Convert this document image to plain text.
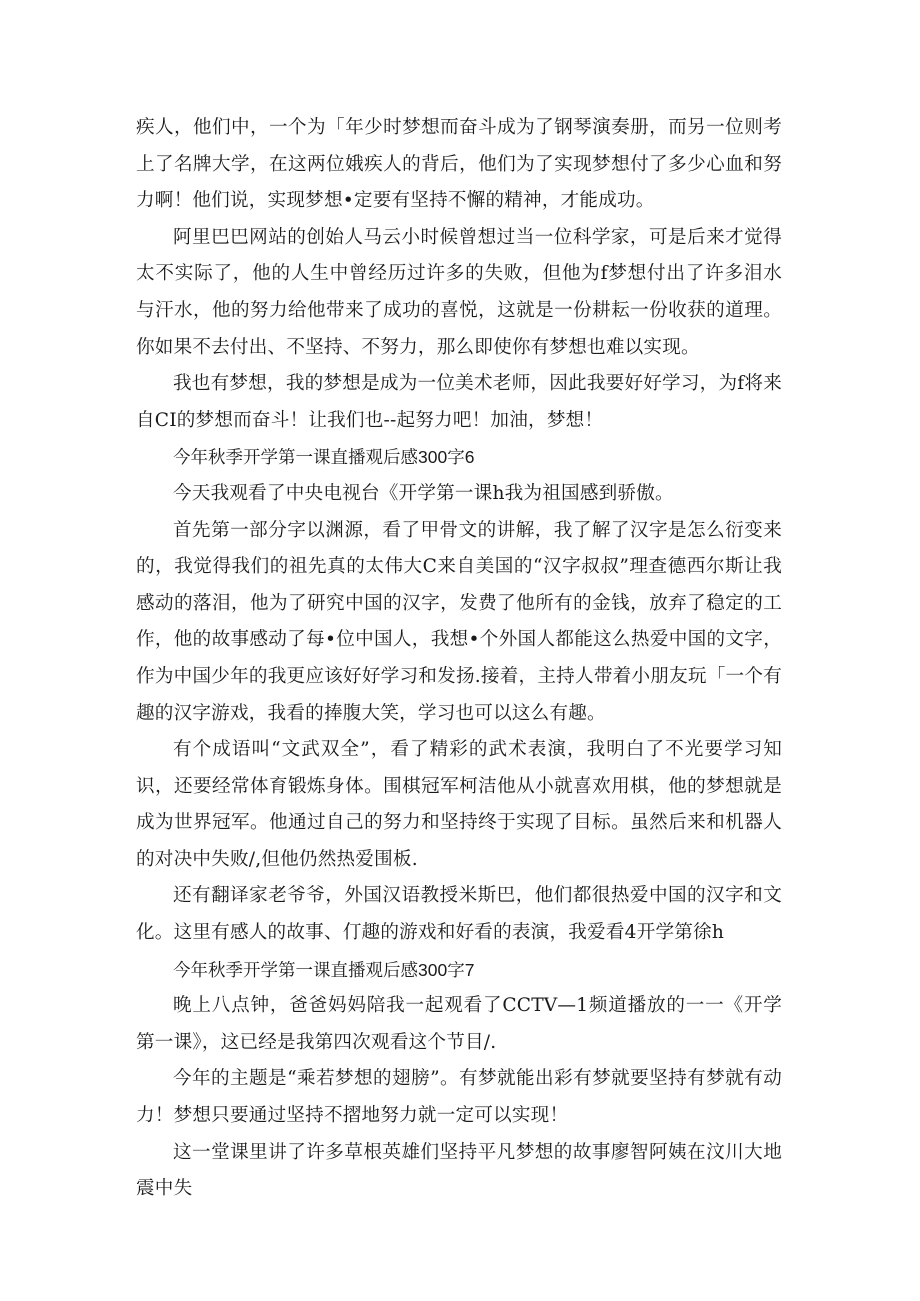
疾人，他们中，一个为「年少时梦想而奋斗成为了钢琴演奏册，而另一位则考上了名牌大学，在这两位娥疾人的背后，他们为了实现梦想付了多少心血和努力啊！他们说，实现梦想•定要有坚持不懈的精神，才能成功。

阿里巴巴网站的创始人马云小时候曾想过当一位科学家，可是后来才觉得太不实际了，他的人生中曾经历过许多的失败，但他为f梦想付出了许多泪水与汗水，他的努力给他带来了成功的喜悦，这就是一份耕耘一份收获的道理。你如果不去付出、不坚持、不努力，那么即使你有梦想也难以实现。

我也有梦想，我的梦想是成为一位美术老师，因此我要好好学习，为f将来自CI的梦想而奋斗！让我们也--起努力吧！加油，梦想！

今年秋季开学第一课直播观后感300字6

今天我观看了中央电视台《开学第一课h我为祖国感到骄傲。

首先第一部分字以渊源，看了甲骨文的讲解，我了解了汉字是怎么衍变来的，我觉得我们的祖先真的太伟大C来自美国的“汉字叔叔”理查德西尔斯让我感动的落泪，他为了研究中国的汉字，发费了他所有的金钱，放弃了稳定的工作，他的故事感动了每•位中国人，我想•个外国人都能这么热爱中国的文字，作为中国少年的我更应该好好学习和发扬.接着，主持人带着小朋友玩「一个有趣的汉字游戏，我看的捧腹大笑，学习也可以这么有趣。

有个成语叫“文武双全”，看了精彩的武术表演，我明白了不光要学习知识，还要经常体育锻炼身体。围棋冠军柯洁他从小就喜欢用棋，他的梦想就是成为世界冠军。他通过自己的努力和坚持终于实现了目标。虽然后来和机器人的对决中失败/,但他仍然热爱围板.

还有翻译家老爷爷，外国汉语教授米斯巴，他们都很热爱中国的汉字和文化。这里有感人的故事、仃趣的游戏和好看的表演，我爱看4开学第徐h

今年秋季开学第一课直播观后感300字7

晚上八点钟，爸爸妈妈陪我一起观看了CCTV—1频道播放的一一《开学第一课》，这已经是我第四次观看这个节目/.

今年的主题是“乘若梦想的翅膀”。有梦就能出彩有梦就要坚持有梦就有动力！梦想只要通过坚持不摺地努力就一定可以实现！

这一堂课里讲了许多草根英雄们坚持平凡梦想的故事廖智阿姨在汶川大地震中失
